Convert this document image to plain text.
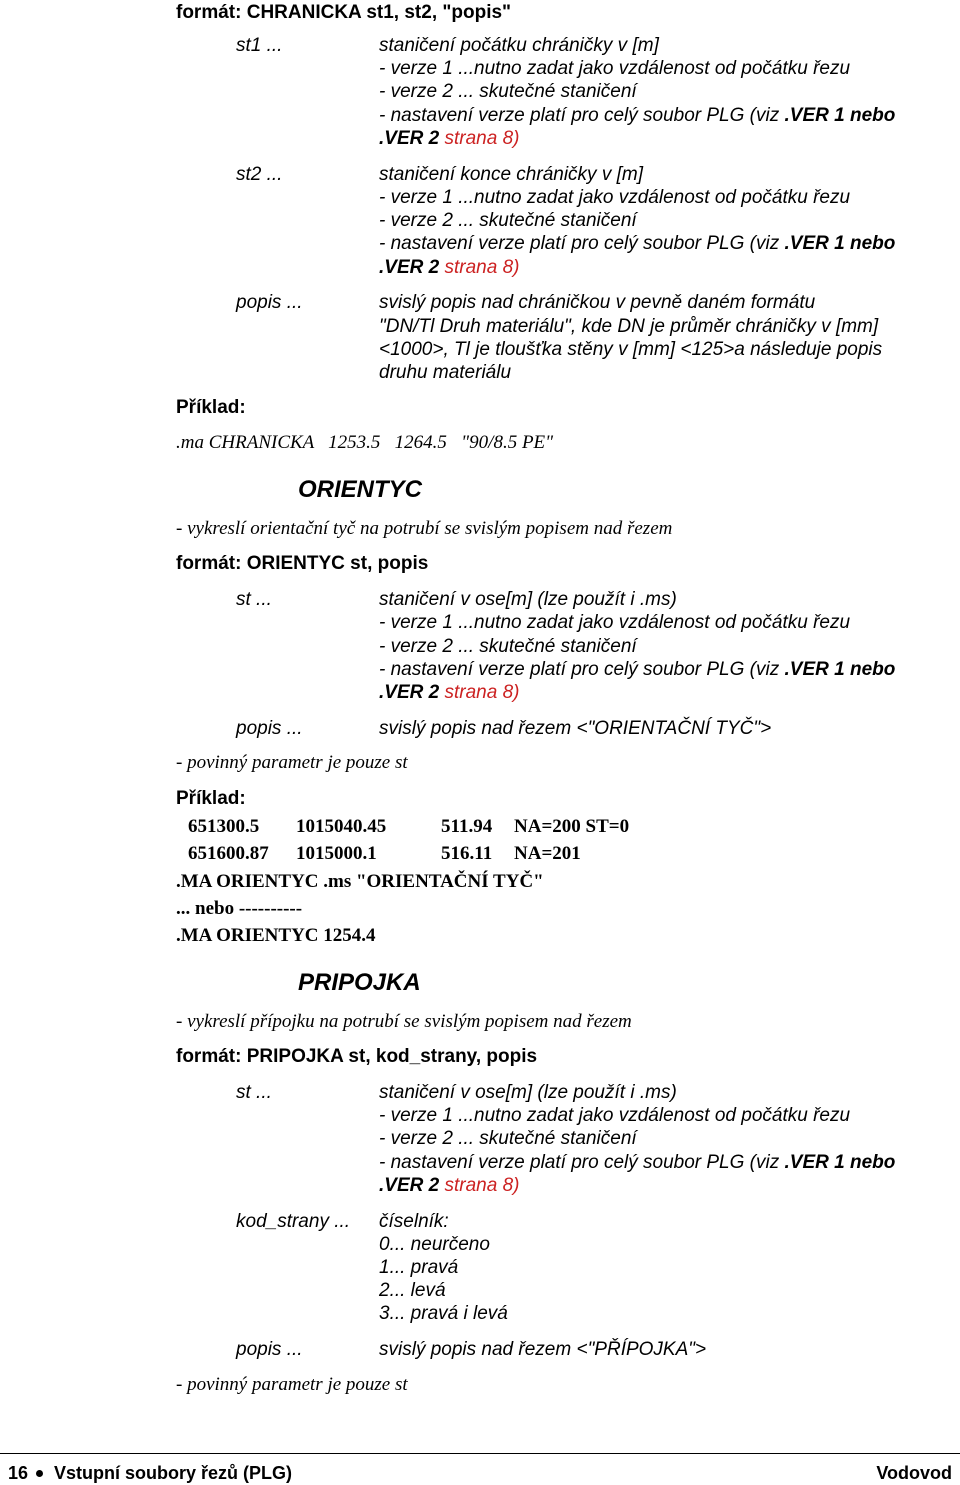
formát: CHRANICKA st1, st2, "popis"
st1 ...	staničení počátku chráničky v [m]
- verze 1 ...nutno zadat jako vzdálenost od počátku řezu
- verze 2 ... skutečné staničení
- nastavení verze platí pro celý soubor PLG (viz .VER 1 nebo
.VER 2 strana 8)
st2 ...	staničení konce chráničky v [m]
- verze 1 ...nutno zadat jako vzdálenost od počátku řezu
- verze 2 ... skutečné staničení
- nastavení verze platí pro celý soubor PLG (viz .VER 1 nebo
.VER 2 strana 8)
popis ...	svislý popis nad chráničkou v pevně daném formátu
"DN/Tl Druh materiálu", kde DN je průměr chráničky v [mm]
<1000>, Tl je tloušťka stěny v [mm] <125>a následuje popis
druhu materiálu
Příklad:
.ma CHRANICKA   1253.5   1264.5   "90/8.5 PE"
ORIENTYC
- vykreslí orientační tyč na potrubí se svislým popisem nad řezem
formát: ORIENTYC st, popis
st ...	staničení v ose[m] (lze použít i .ms)
- verze 1 ...nutno zadat jako vzdálenost od počátku řezu
- verze 2 ... skutečné staničení
- nastavení verze platí pro celý soubor PLG (viz .VER 1 nebo
.VER 2 strana 8)
popis ...	svislý popis nad řezem <"ORIENTAČNÍ TYČ">
- povinný parametr je pouze st
Příklad:
651300.5 1015040.45	511.94 NA=200 ST=0
651600.87 1015000.1	516.11 NA=201
.MA ORIENTYC .ms "ORIENTAČNÍ TYČ"
... nebo ----------
.MA ORIENTYC 1254.4
PRIPOJKA
- vykreslí přípojku na potrubí se svislým popisem nad řezem
formát: PRIPOJKA st, kod_strany, popis
st ...	staničení v ose[m] (lze použít i .ms)
- verze 1 ...nutno zadat jako vzdálenost od počátku řezu
- verze 2 ... skutečné staničení
- nastavení verze platí pro celý soubor PLG (viz .VER 1 nebo
.VER 2 strana 8)
kod_strany ... číselník:
0... neurčeno
1... pravá
2... levá
3... pravá i levá
popis ...	svislý popis nad řezem <"PŘÍPOJKA">
- povinný parametr je pouze st
16 Vstupní soubory řezů (PLG)	Vodovod
